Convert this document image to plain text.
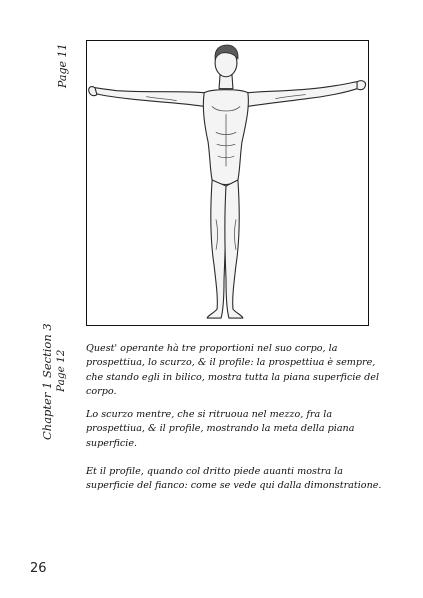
Page 11
Chapter 1 Section 3 Page 12
Quest' operante hà tre proportioni nel suo corpo, la prospettiua, lo scurzo, & il profile: la prospettiua è sempre, che stando egli in bilico, mostra tutta la piana superficie del corpo.
Lo scurzo mentre, che si ritruoua nel mezzo, fra la prospettiua, & il profile, mostrando la meta della piana superficie.
Et il profile, quando col dritto piede auanti mostra la superficie del fianco: come se vede qui dalla dimonstratione.
26
